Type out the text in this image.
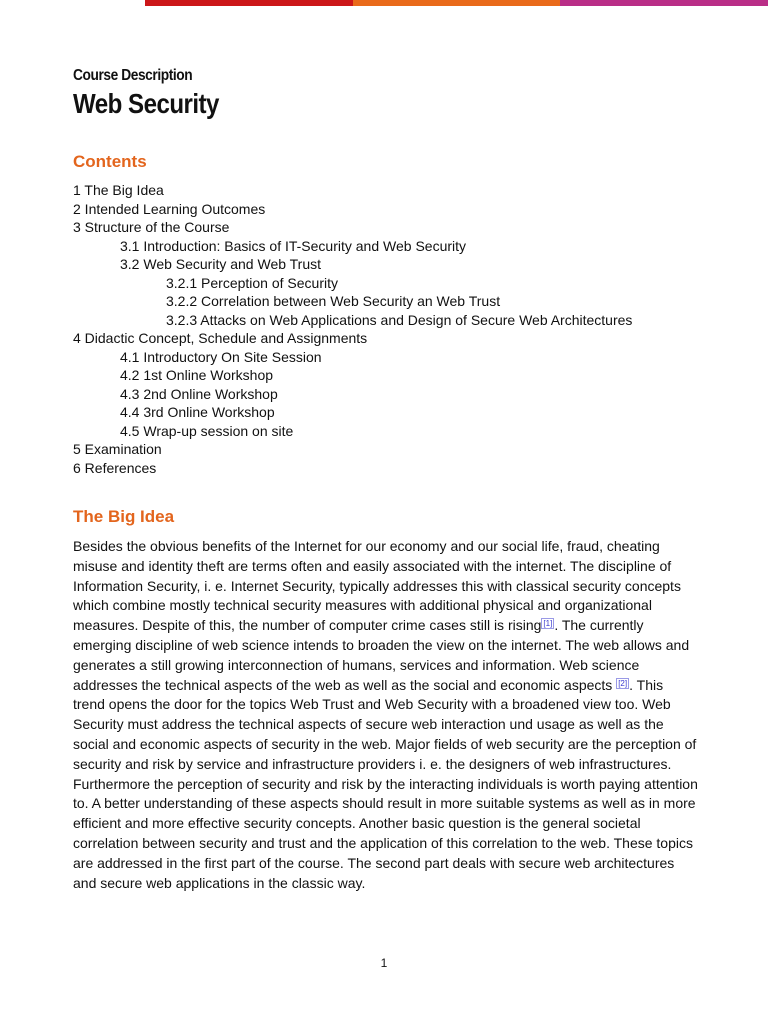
Course Description

Web Security
Contents
1 The Big Idea
2 Intended Learning Outcomes
3 Structure of the Course
3.1 Introduction: Basics of IT-Security and Web Security
3.2 Web Security and Web Trust
3.2.1 Perception of Security
3.2.2 Correlation between Web Security an Web Trust
3.2.3 Attacks on Web Applications and Design of Secure Web Architectures
4 Didactic Concept, Schedule and Assignments
4.1 Introductory On Site Session
4.2 1st Online Workshop
4.3 2nd Online Workshop
4.4 3rd Online Workshop
4.5 Wrap-up session on site
5 Examination
6 References
The Big Idea

Besides the obvious benefits of the Internet for our economy and our social life, fraud, cheating misuse and identity theft are terms often and easily associated with the internet. The discipline of Information Security, i. e. Internet Security, typically addresses this with classical security concepts which combine mostly technical security measures with additional physical and organizational measures. Despite of this, the number of computer crime cases still is rising [1] . The currently emerging discipline of web science intends to broaden the view on the internet. The web allows and generates a still growing interconnection of humans, services and information. Web science addresses the technical aspects of the web as well as the social and economic aspects [2] . This trend opens the door for the topics Web Trust and Web Security with a broadened view too. Web Security must address the technical aspects of secure web interaction und usage as well as the social and economic aspects of security in the web. Major fields of web security are the perception of security and risk by service and infrastructure providers i. e. the designers of web infrastructures. Furthermore the perception of security and risk by the interacting individuals is worth paying attention to. A better understanding of these aspects should result in more suitable systems as well as in more efficient and more effective security concepts. Another basic question is the general societal correlation between security and trust and the application of this correlation to the web. These topics are addressed in the first part of the course. The second part deals with secure web architectures and secure web applications in the classic way.

1
